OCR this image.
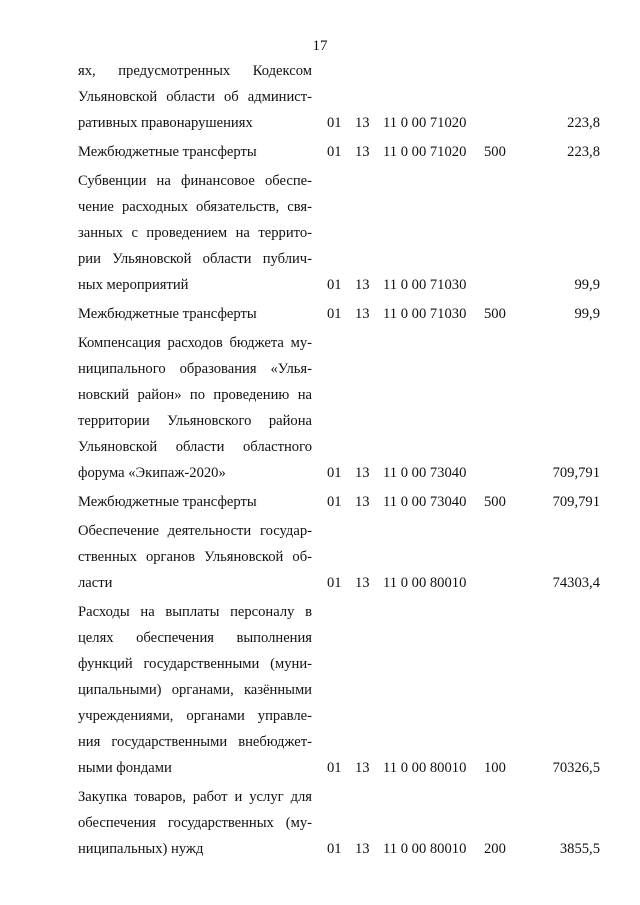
17
ях, предусмотренных Кодексом
Ульяновской области об админист-
ративных правонарушениях	01 13 11 0 00 71020	223,8
Межбюджетные трансферты	01 13 11 0 00 71020 500	223,8
Субвенции на финансовое обеспе-
чение расходных обязательств, свя-
занных с проведением на террито-
рии Ульяновской области публич-
ных мероприятий	01 13 11 0 00 71030	99,9
Межбюджетные трансферты	01 13 11 0 00 71030 500	99,9
Компенсация расходов бюджета му-
ниципального образования «Улья-
новский район» по проведению на
территории Ульяновского района
Ульяновской области областного
форума «Экипаж-2020»	01 13 11 0 00 73040	709,791
Межбюджетные трансферты	01 13 11 0 00 73040 500	709,791
Обеспечение деятельности государ-
ственных органов Ульяновской об-
ласти	01 13 11 0 00 80010	74303,4
Расходы на выплаты персоналу в
целях обеспечения выполнения
функций государственными (муни-
ципальными) органами, казёнными
учреждениями, органами управле-
ния государственными внебюджет-
ными фондами	01 13 11 0 00 80010 100	70326,5
Закупка товаров, работ и услуг для
обеспечения государственных (му-
ниципальных) нужд	01 13 11 0 00 80010 200	3855,5
